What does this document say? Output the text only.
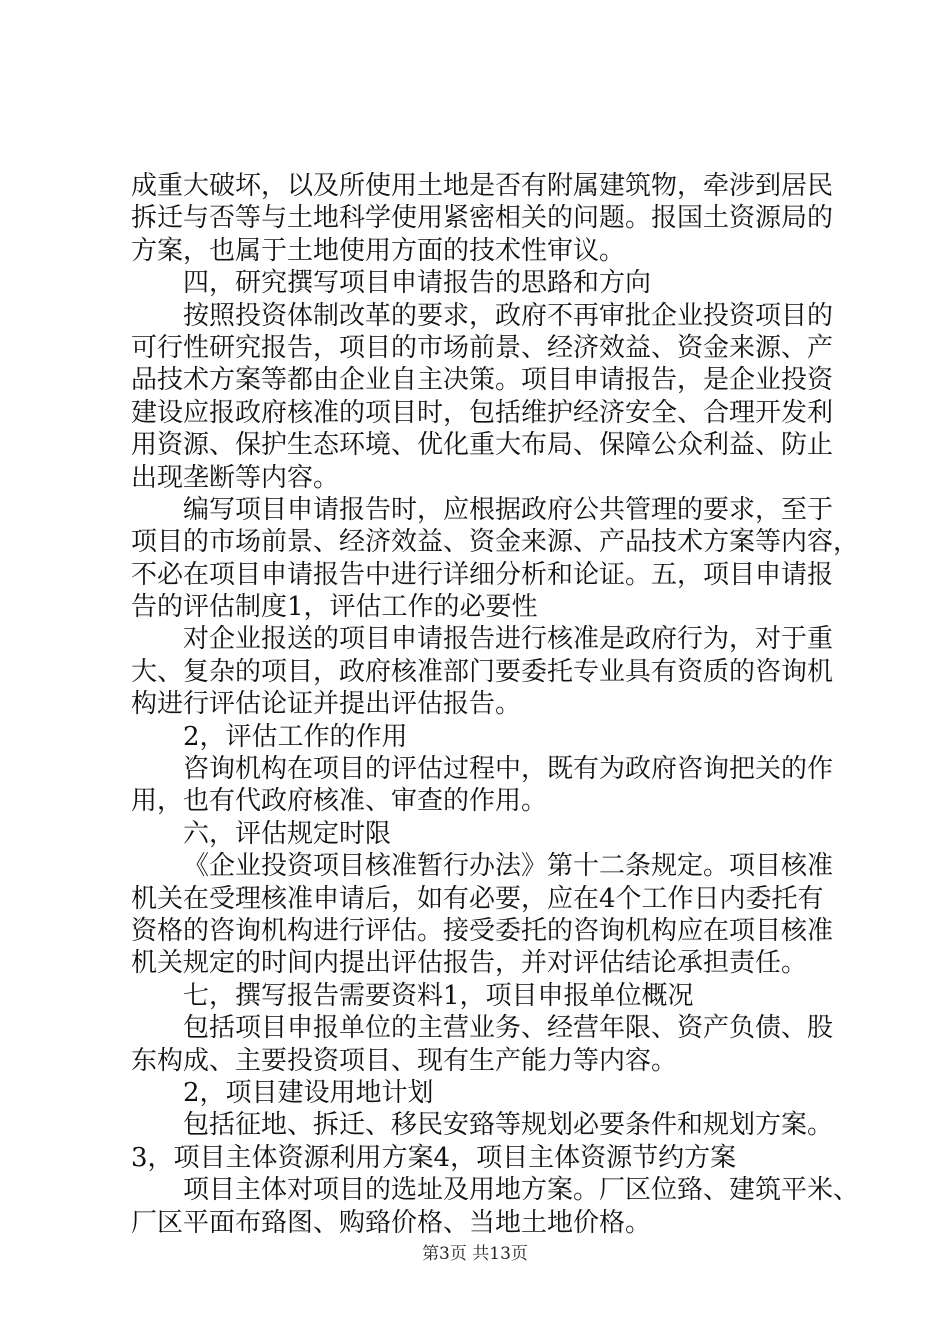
成重大破坏，以及所使用土地是否有附属建筑物，牵涉到居民

拆迁与否等与土地科学使用紧密相关的问题。报国土资源局的

方案，也属于土地使用方面的技术性审议。

四，研究撰写项目申请报告的思路和方向

按照投资体制改革的要求，政府不再审批企业投资项目的

可行性研究报告，项目的市场前景、经济效益、资金来源、产

品技术方案等都由企业自主决策。项目申请报告，是企业投资

建设应报政府核准的项目时，包括维护经济安全、合理开发利

用资源、保护生态环境、优化重大布局、保障公众利益、防止

出现垄断等内容。

编写项目申请报告时，应根据政府公共管理的要求，至于

项目的市场前景、经济效益、资金来源、产品技术方案等内容，

不必在项目申请报告中进行详细分析和论证。五，项目申请报

告的评估制度1，评估工作的必要性

对企业报送的项目申请报告进行核准是政府行为，对于重

大、复杂的项目，政府核准部门要委托专业具有资质的咨询机

构进行评估论证并提出评估报告。

2，评估工作的作用

咨询机构在项目的评估过程中，既有为政府咨询把关的作

用，也有代政府核准、审查的作用。

六，评估规定时限

《企业投资项目核准暂行办法》第十二条规定。项目核准

机关在受理核准申请后，如有必要，应在4个工作日内委托有

资格的咨询机构进行评估。接受委托的咨询机构应在项目核准

机关规定的时间内提出评估报告，并对评估结论承担责任。

七，撰写报告需要资料1，项目申报单位概况

包括项目申报单位的主营业务、经营年限、资产负债、股

东构成、主要投资项目、现有生产能力等内容。

2，项目建设用地计划

包括征地、拆迁、移民安臵等规划必要条件和规划方案。

3，项目主体资源利用方案4，项目主体资源节约方案

项目主体对项目的选址及用地方案。厂区位臵、建筑平米、

厂区平面布臵图、购臵价格、当地土地价格。

第3页 共13页
